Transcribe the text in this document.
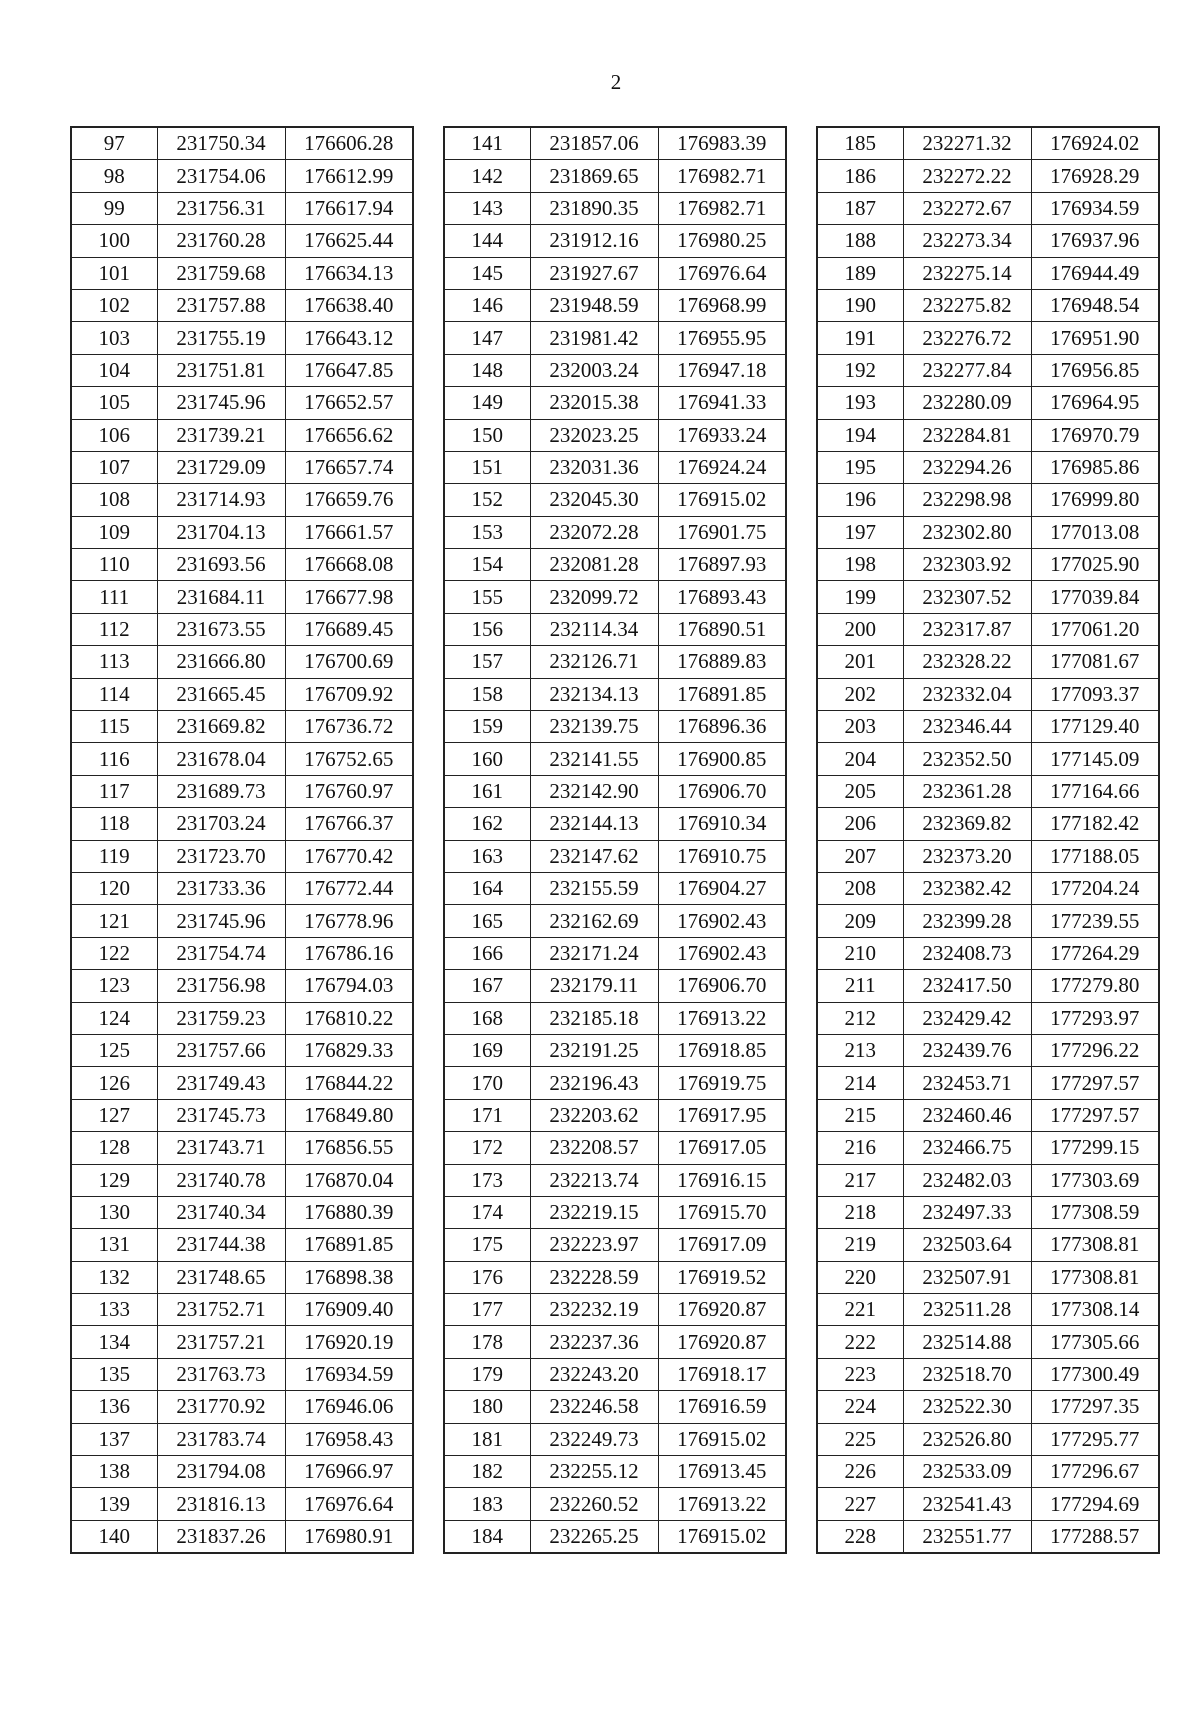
2
97	231750.34	176606.28
98	231754.06	176612.99
99	231756.31	176617.94
100	231760.28	176625.44
101	231759.68	176634.13
102	231757.88	176638.40
103	231755.19	176643.12
104	231751.81	176647.85
105	231745.96	176652.57
106	231739.21	176656.62
107	231729.09	176657.74
108	231714.93	176659.76
109	231704.13	176661.57
110	231693.56	176668.08
111	231684.11	176677.98
112	231673.55	176689.45
113	231666.80	176700.69
114	231665.45	176709.92
115	231669.82	176736.72
116	231678.04	176752.65
117	231689.73	176760.97
118	231703.24	176766.37
119	231723.70	176770.42
120	231733.36	176772.44
121	231745.96	176778.96
122	231754.74	176786.16
123	231756.98	176794.03
124	231759.23	176810.22
125	231757.66	176829.33
126	231749.43	176844.22
127	231745.73	176849.80
128	231743.71	176856.55
129	231740.78	176870.04
130	231740.34	176880.39
131	231744.38	176891.85
132	231748.65	176898.38
133	231752.71	176909.40
134	231757.21	176920.19
135	231763.73	176934.59
136	231770.92	176946.06
137	231783.74	176958.43
138	231794.08	176966.97
139	231816.13	176976.64
140	231837.26	176980.91
141	231857.06	176983.39
142	231869.65	176982.71
143	231890.35	176982.71
144	231912.16	176980.25
145	231927.67	176976.64
146	231948.59	176968.99
147	231981.42	176955.95
148	232003.24	176947.18
149	232015.38	176941.33
150	232023.25	176933.24
151	232031.36	176924.24
152	232045.30	176915.02
153	232072.28	176901.75
154	232081.28	176897.93
155	232099.72	176893.43
156	232114.34	176890.51
157	232126.71	176889.83
158	232134.13	176891.85
159	232139.75	176896.36
160	232141.55	176900.85
161	232142.90	176906.70
162	232144.13	176910.34
163	232147.62	176910.75
164	232155.59	176904.27
165	232162.69	176902.43
166	232171.24	176902.43
167	232179.11	176906.70
168	232185.18	176913.22
169	232191.25	176918.85
170	232196.43	176919.75
171	232203.62	176917.95
172	232208.57	176917.05
173	232213.74	176916.15
174	232219.15	176915.70
175	232223.97	176917.09
176	232228.59	176919.52
177	232232.19	176920.87
178	232237.36	176920.87
179	232243.20	176918.17
180	232246.58	176916.59
181	232249.73	176915.02
182	232255.12	176913.45
183	232260.52	176913.22
184	232265.25	176915.02
185	232271.32	176924.02
186	232272.22	176928.29
187	232272.67	176934.59
188	232273.34	176937.96
189	232275.14	176944.49
190	232275.82	176948.54
191	232276.72	176951.90
192	232277.84	176956.85
193	232280.09	176964.95
194	232284.81	176970.79
195	232294.26	176985.86
196	232298.98	176999.80
197	232302.80	177013.08
198	232303.92	177025.90
199	232307.52	177039.84
200	232317.87	177061.20
201	232328.22	177081.67
202	232332.04	177093.37
203	232346.44	177129.40
204	232352.50	177145.09
205	232361.28	177164.66
206	232369.82	177182.42
207	232373.20	177188.05
208	232382.42	177204.24
209	232399.28	177239.55
210	232408.73	177264.29
211	232417.50	177279.80
212	232429.42	177293.97
213	232439.76	177296.22
214	232453.71	177297.57
215	232460.46	177297.57
216	232466.75	177299.15
217	232482.03	177303.69
218	232497.33	177308.59
219	232503.64	177308.81
220	232507.91	177308.81
221	232511.28	177308.14
222	232514.88	177305.66
223	232518.70	177300.49
224	232522.30	177297.35
225	232526.80	177295.77
226	232533.09	177296.67
227	232541.43	177294.69
228	232551.77	177288.57
